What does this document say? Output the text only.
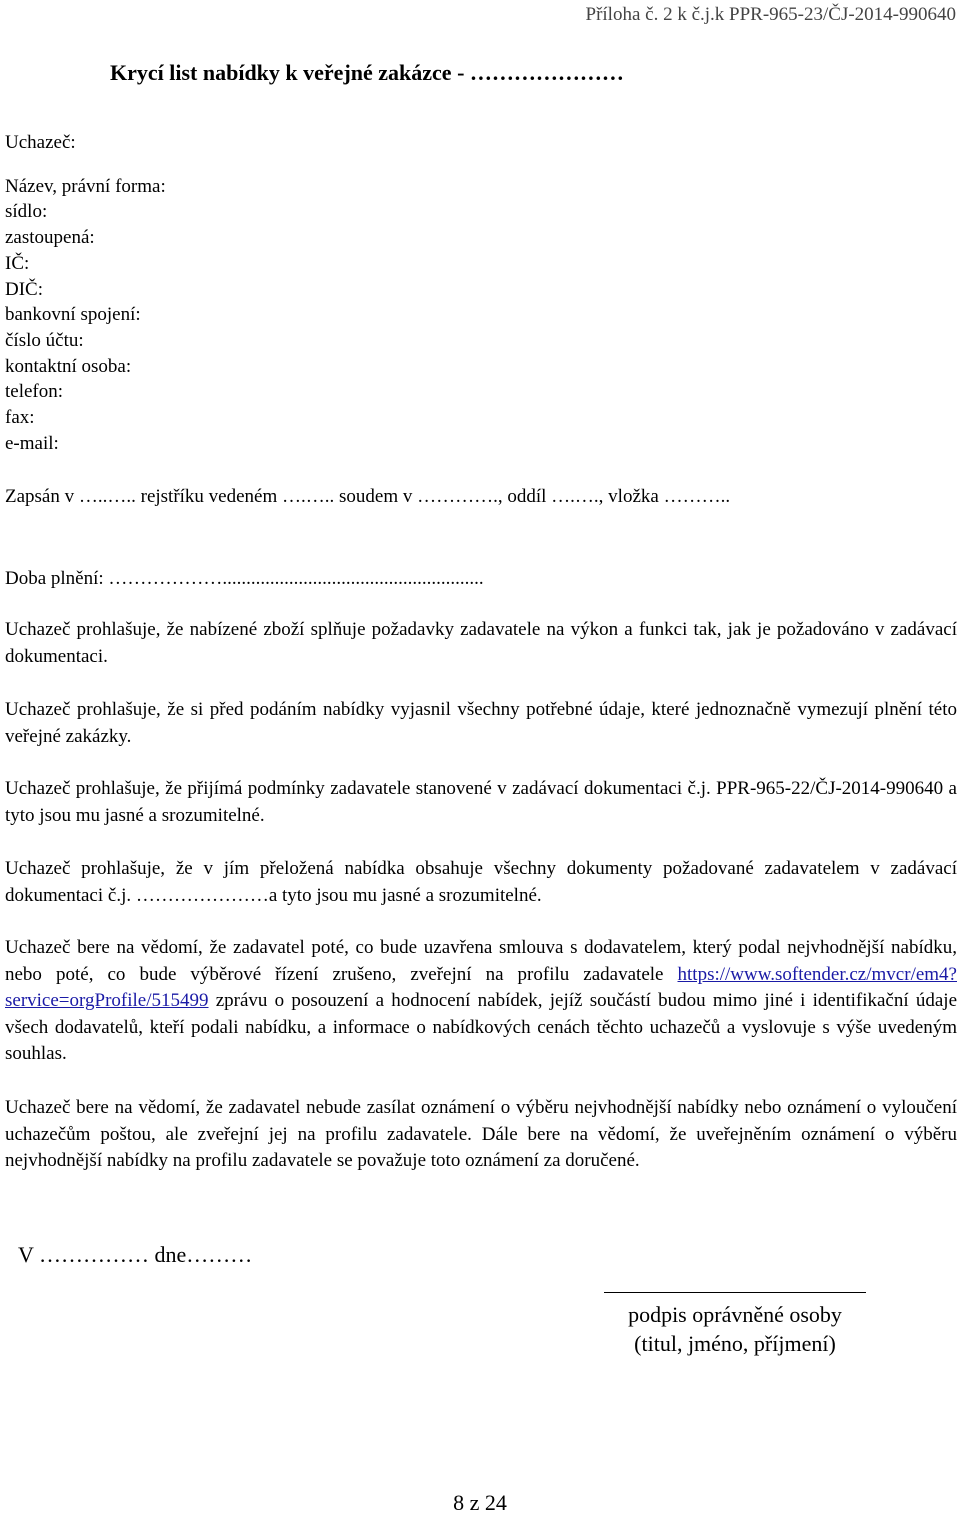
Příloha č. 2 k č.j.k PPR-965-23/ČJ-2014-990640
Krycí list nabídky k veřejné zakázce - …………………
Uchazeč:
Název, právní forma:
sídlo:
zastoupená:
IČ:
DIČ:
bankovní spojení:
číslo účtu:
kontaktní osoba:
telefon:
fax:
e-mail:

Zapsán v …..….. rejstříku vedeném ….….. soudem v …………., oddíl ….…., vložka ………..

Doba plnění: ……………….......................................................

Uchazeč prohlašuje, že nabízené zboží splňuje požadavky zadavatele na výkon a funkci tak, jak je požadováno v zadávací dokumentaci.

Uchazeč prohlašuje, že si před podáním nabídky vyjasnil všechny potřebné údaje, které jednoznačně vymezují plnění této veřejné zakázky.

Uchazeč prohlašuje, že přijímá podmínky zadavatele stanovené v zadávací dokumentaci č.j. PPR-965-22/ČJ-2014-990640 a tyto jsou mu jasné a srozumitelné.

Uchazeč prohlašuje, že v jím přeložená nabídka obsahuje všechny dokumenty požadované zadavatelem v zadávací dokumentaci č.j. …………………a tyto jsou mu jasné a srozumitelné.

Uchazeč bere na vědomí, že zadavatel poté, co bude uzavřena smlouva s dodavatelem, který podal nejvhodnější nabídku, nebo poté, co bude výběrové řízení zrušeno, zveřejní na profilu zadavatele https://www.softender.cz/mvcr/em4?service=orgProfile/515499 zprávu o posouzení a hodnocení nabídek, jejíž součástí budou mimo jiné i identifikační údaje všech dodavatelů, kteří podali nabídku, a informace o nabídkových cenách těchto uchazečů a vyslovuje s výše uvedeným souhlas.

Uchazeč bere na vědomí, že zadavatel nebude zasílat oznámení o výběru nejvhodnější nabídky nebo oznámení o vyloučení uchazečům poštou, ale zveřejní jej na profilu zadavatele. Dále bere na vědomí, že uveřejněním oznámení o výběru nejvhodnější nabídky na profilu zadavatele se považuje toto oznámení za doručené.

V …………… dne………
podpis oprávněné osoby
(titul, jméno, příjmení)
8 z 24
